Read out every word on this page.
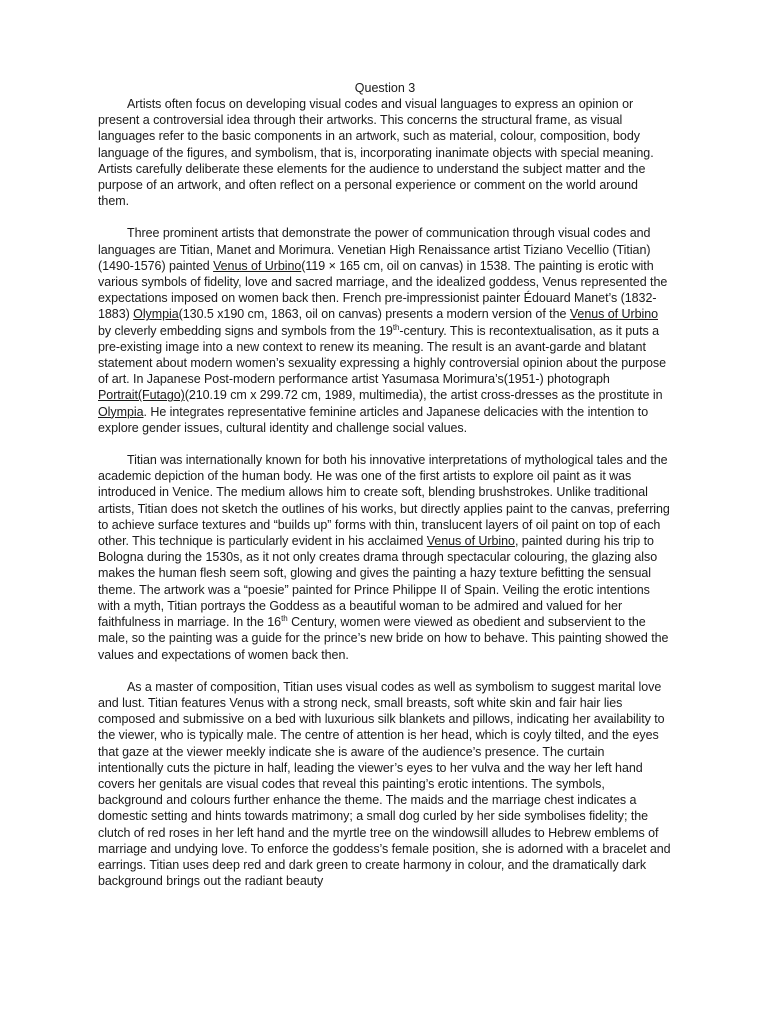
Question 3

Artists often focus on developing visual codes and visual languages to express an opinion or present a controversial idea through their artworks. This concerns the structural frame, as visual languages refer to the basic components in an artwork, such as material, colour, composition, body language of the figures, and symbolism, that is, incorporating inanimate objects with special meaning. Artists carefully deliberate these elements for the audience to understand the subject matter and the purpose of an artwork, and often reflect on a personal experience or comment on the world around them.

Three prominent artists that demonstrate the power of communication through visual codes and languages are Titian, Manet and Morimura. Venetian High Renaissance artist Tiziano Vecellio (Titian) (1490-1576) painted Venus of Urbino(119 × 165 cm, oil on canvas) in 1538. The painting is erotic with various symbols of fidelity, love and sacred marriage, and the idealized goddess, Venus represented the expectations imposed on women back then. French pre-impressionist painter Édouard Manet’s (1832-1883) Olympia(130.5 x190 cm, 1863, oil on canvas) presents a modern version of the Venus of Urbino by cleverly embedding signs and symbols from the 19th-century. This is recontextualisation, as it puts a pre-existing image into a new context to renew its meaning. The result is an avant-garde and blatant statement about modern women’s sexuality expressing a highly controversial opinion about the purpose of art. In Japanese Post-modern performance artist Yasumasa Morimura’s(1951-) photograph Portrait(Futago)(210.19 cm x 299.72 cm, 1989, multimedia), the artist cross-dresses as the prostitute in Olympia. He integrates representative feminine articles and Japanese delicacies with the intention to explore gender issues, cultural identity and challenge social values.

Titian was internationally known for both his innovative interpretations of mythological tales and the academic depiction of the human body. He was one of the first artists to explore oil paint as it was introduced in Venice. The medium allows him to create soft, blending brushstrokes. Unlike traditional artists, Titian does not sketch the outlines of his works, but directly applies paint to the canvas, preferring to achieve surface textures and “builds up” forms with thin, translucent layers of oil paint on top of each other. This technique is particularly evident in his acclaimed Venus of Urbino, painted during his trip to Bologna during the 1530s, as it not only creates drama through spectacular colouring, the glazing also makes the human flesh seem soft, glowing and gives the painting a hazy texture befitting the sensual theme. The artwork was a “poesie” painted for Prince Philippe II of Spain. Veiling the erotic intentions with a myth, Titian portrays the Goddess as a beautiful woman to be admired and valued for her faithfulness in marriage. In the 16th Century, women were viewed as obedient and subservient to the male, so the painting was a guide for the prince’s new bride on how to behave. This painting showed the values and expectations of women back then.

As a master of composition, Titian uses visual codes as well as symbolism to suggest marital love and lust. Titian features Venus with a strong neck, small breasts, soft white skin and fair hair lies composed and submissive on a bed with luxurious silk blankets and pillows, indicating her availability to the viewer, who is typically male. The centre of attention is her head, which is coyly tilted, and the eyes that gaze at the viewer meekly indicate she is aware of the audience’s presence. The curtain intentionally cuts the picture in half, leading the viewer’s eyes to her vulva and the way her left hand covers her genitals are visual codes that reveal this painting’s erotic intentions. The symbols, background and colours further enhance the theme. The maids and the marriage chest indicates a domestic setting and hints towards matrimony; a small dog curled by her side symbolises fidelity; the clutch of red roses in her left hand and the myrtle tree on the windowsill alludes to Hebrew emblems of marriage and undying love. To enforce the goddess’s female position, she is adorned with a bracelet and earrings. Titian uses deep red and dark green to create harmony in colour, and the dramatically dark background brings out the radiant beauty
